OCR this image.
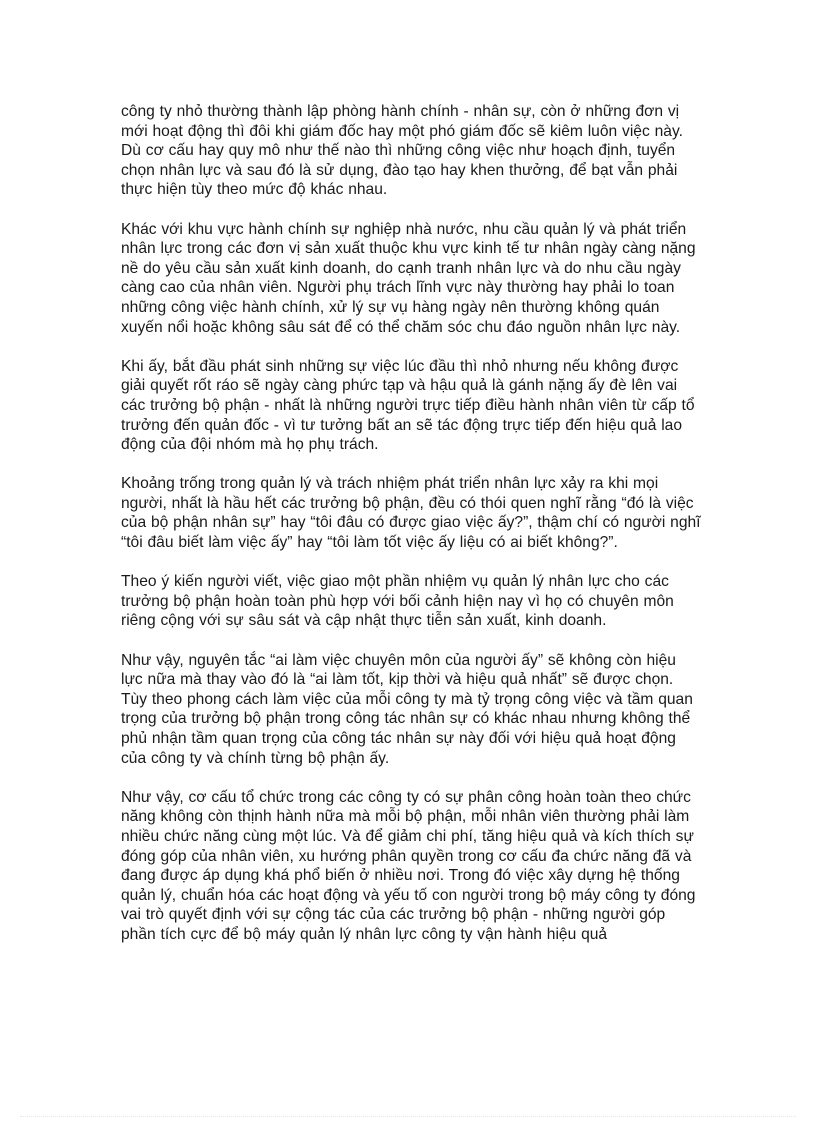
công ty nhỏ thường thành lập phòng hành chính - nhân sự, còn ở những đơn vị mới hoạt động thì đôi khi giám đốc hay một phó giám đốc sẽ kiêm luôn việc này. Dù cơ cấu hay quy mô như thế nào thì những công việc như hoạch định, tuyển chọn nhân lực và sau đó là sử dụng, đào tạo hay khen thưởng, để bạt vẫn phải thực hiện tùy theo mức độ khác nhau.

Khác với khu vực hành chính sự nghiệp nhà nước, nhu cầu quản lý và phát triển nhân lực trong các đơn vị sản xuất thuộc khu vực kinh tế tư nhân ngày càng nặng nề do yêu cầu sản xuất kinh doanh, do cạnh tranh nhân lực và do nhu cầu ngày càng cao của nhân viên. Người phụ trách lĩnh vực này thường hay phải lo toan những công việc hành chính, xử lý sự vụ hàng ngày nên thường không quán xuyến nổi hoặc không sâu sát để có thể chăm sóc chu đáo nguồn nhân lực này.

Khi ấy, bắt đầu phát sinh những sự việc lúc đầu thì nhỏ nhưng nếu không được giải quyết rốt ráo sẽ ngày càng phức tạp và hậu quả là gánh nặng ấy đè lên vai các trưởng bộ phận - nhất là những người trực tiếp điều hành nhân viên từ cấp tổ trưởng đến quản đốc - vì tư tưởng bất an sẽ tác động trực tiếp đến hiệu quả lao động của đội nhóm mà họ phụ trách.

Khoảng trống trong quản lý và trách nhiệm phát triển nhân lực xảy ra khi mọi người, nhất là hầu hết các trưởng bộ phận, đều có thói quen nghĩ rằng “đó là việc của bộ phận nhân sự” hay “tôi đâu có được giao việc ấy?”, thậm chí có người nghĩ “tôi đâu biết làm việc ấy” hay “tôi làm tốt việc ấy liệu có ai biết không?”.

Theo ý kiến người viết, việc giao một phần nhiệm vụ quản lý nhân lực cho các trưởng bộ phận hoàn toàn phù hợp với bối cảnh hiện nay vì họ có chuyên môn riêng cộng với sự sâu sát và cập nhật thực tiễn sản xuất, kinh doanh.

Như vậy, nguyên tắc “ai làm việc chuyên môn của người ấy” sẽ không còn hiệu lực nữa mà thay vào đó là “ai làm tốt, kịp thời và hiệu quả nhất” sẽ được chọn. Tùy theo phong cách làm việc của mỗi công ty mà tỷ trọng công việc và tầm quan trọng của trưởng bộ phận trong công tác nhân sự có khác nhau nhưng không thể phủ nhận tầm quan trọng của công tác nhân sự này đối với hiệu quả hoạt động của công ty và chính từng bộ phận ấy.

Như vậy, cơ cấu tổ chức trong các công ty có sự phân công hoàn toàn theo chức năng không còn thịnh hành nữa mà mỗi bộ phận, mỗi nhân viên thường phải làm nhiều chức năng cùng một lúc. Và để giảm chi phí, tăng hiệu quả và kích thích sự đóng góp của nhân viên, xu hướng phân quyền trong cơ cấu đa chức năng đã và đang được áp dụng khá phổ biến ở nhiều nơi. Trong đó việc xây dựng hệ thống quản lý, chuẩn hóa các hoạt động và yếu tố con người trong bộ máy công ty đóng vai trò quyết định với sự cộng tác của các trưởng bộ phận - những người góp phần tích cực để bộ máy quản lý nhân lực công ty vận hành hiệu quả
